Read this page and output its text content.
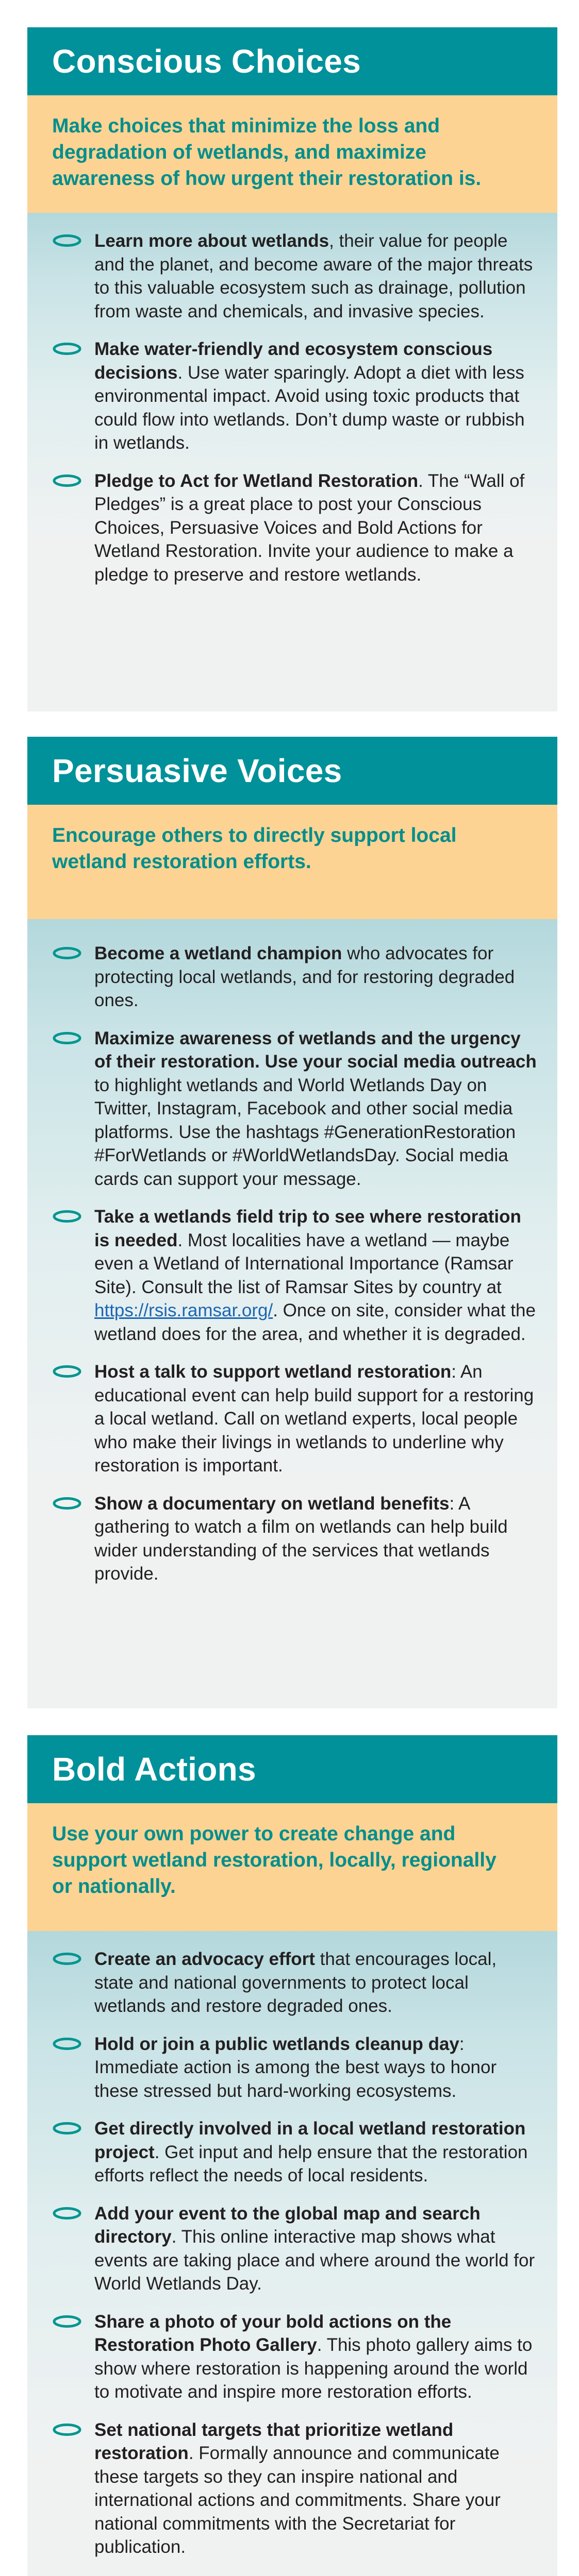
Conscious Choices
Make choices that minimize the loss and degradation of wetlands, and maximize awareness of how urgent their restoration is.
Learn more about wetlands, their value for people and the planet, and become aware of the major threats to this valuable ecosystem such as drainage, pollution from waste and chemicals, and invasive species.
Make water-friendly and ecosystem conscious decisions. Use water sparingly. Adopt a diet with less environmental impact. Avoid using toxic products that could flow into wetlands. Don’t dump waste or rubbish in wetlands.
Pledge to Act for Wetland Restoration. The “Wall of Pledges” is a great place to post your Conscious Choices, Persuasive Voices and Bold Actions for Wetland Restoration. Invite your audience to make a pledge to preserve and restore wetlands.
Persuasive Voices
Encourage others to directly support local wetland restoration efforts.
Become a wetland champion who advocates for protecting local wetlands, and for restoring degraded ones.
Maximize awareness of wetlands and the urgency of their restoration. Use your social media outreach to highlight wetlands and World Wetlands Day on Twitter, Instagram, Facebook and other social media platforms. Use the hashtags #GenerationRestoration #ForWetlands or #WorldWetlandsDay. Social media cards can support your message.
Take a wetlands field trip to see where restoration is needed. Most localities have a wetland — maybe even a Wetland of International Importance (Ramsar Site). Consult the list of Ramsar Sites by country at https://rsis.ramsar.org/. Once on site, consider what the wetland does for the area, and whether it is degraded.
Host a talk to support wetland restoration: An educational event can help build support for a restoring a local wetland. Call on wetland experts, local people who make their livings in wetlands to underline why restoration is important.
Show a documentary on wetland benefits: A gathering to watch a film on wetlands can help build wider understanding of the services that wetlands provide.
Bold Actions
Use your own power to create change and support wetland restoration, locally, regionally or nationally.
Create an advocacy effort that encourages local, state and national governments to protect local wetlands and restore degraded ones.
Hold or join a public wetlands cleanup day: Immediate action is among the best ways to honor these stressed but hard-working ecosystems.
Get directly involved in a local wetland restoration project. Get input and help ensure that the restoration efforts reflect the needs of local residents.
Add your event to the global map and search directory. This online interactive map shows what events are taking place and where around the world for World Wetlands Day.
Share a photo of your bold actions on the Restoration Photo Gallery. This photo gallery aims to show where restoration is happening around the world to motivate and inspire more restoration efforts.
Set national targets that prioritize wetland restoration. Formally announce and communicate these targets so they can inspire national and international actions and commitments. Share your national commitments with the Secretariat for publication.
